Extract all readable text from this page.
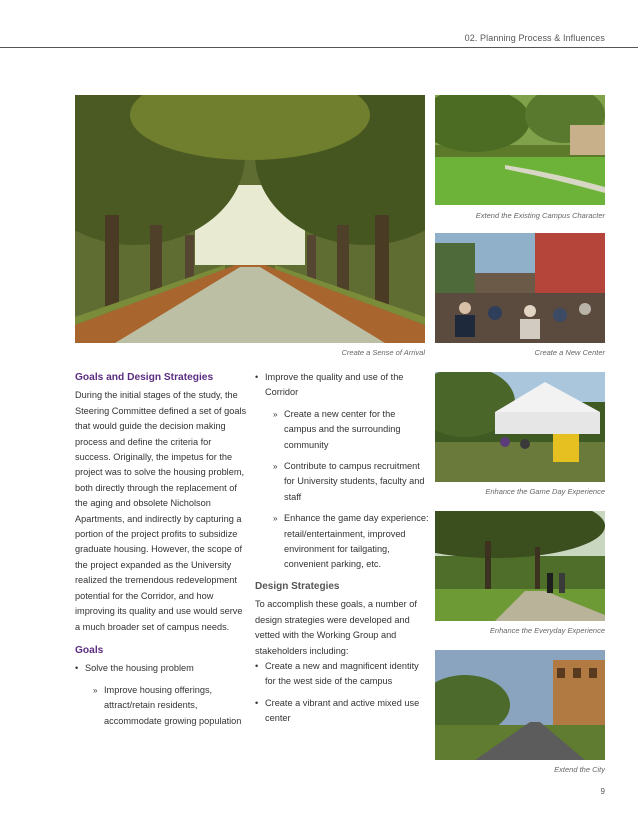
02. Planning Process & Influences
Create a Sense of Arrival
Extend the Existing Campus Character
Create a New Center
Enhance the Game Day Experience
Enhance the Everyday Experience
Extend the City
Goals and Design Strategies

During the initial stages of the study, the Steering Committee defined a set of goals that would guide the decision making process and define the criteria for success. Originally, the impetus for the project was to solve the housing problem, both directly through the replacement of the aging and obsolete Nicholson Apartments, and indirectly by capturing a portion of the project profits to subsidize graduate housing. However, the scope of the project expanded as the University realized the tremendous redevelopment potential for the Corridor, and how improving its quality and use would serve a much broader set of campus needs.

Goals
• Solve the housing problem
» Improve housing offerings, attract/retain residents, accommodate growing population
• Improve the quality and use of the Corridor
» Create a new center for the campus and the surrounding community
» Contribute to campus recruitment for University students, faculty and staff
» Enhance the game day experience: retail/entertainment, improved environment for tailgating, convenient parking, etc.
Design Strategies

To accomplish these goals, a number of design strategies were developed and vetted with the Working Group and stakeholders including:

• Create a new and magnificent identity for the west side of the campus
• Create a vibrant and active mixed use center
9
